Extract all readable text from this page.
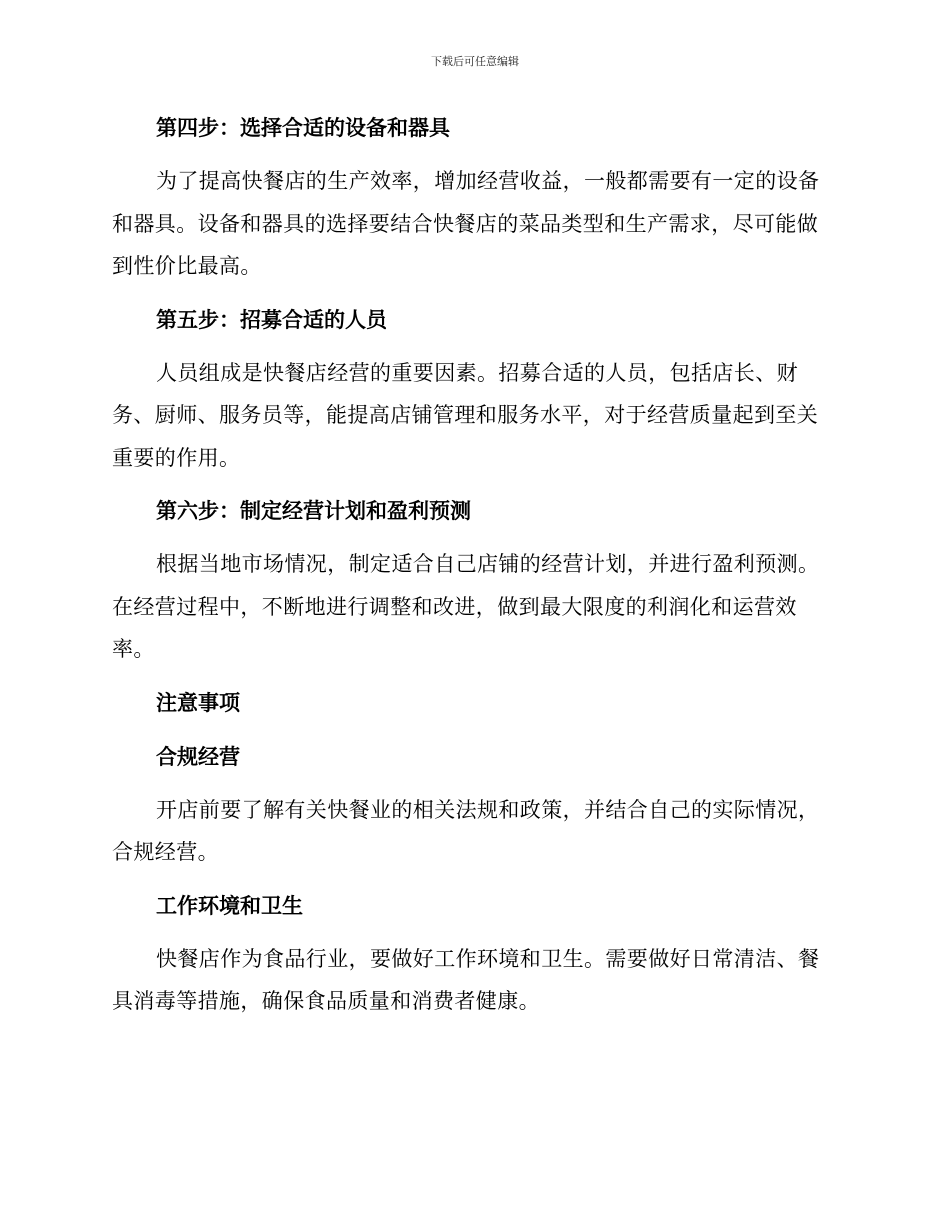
下载后可任意编辑
第四步：选择合适的设备和器具

为了提高快餐店的生产效率，增加经营收益，一般都需要有一定的设备和器具。设备和器具的选择要结合快餐店的菜品类型和生产需求，尽可能做到性价比最高。

第五步：招募合适的人员

人员组成是快餐店经营的重要因素。招募合适的人员，包括店长、财务、厨师、服务员等，能提高店铺管理和服务水平，对于经营质量起到至关重要的作用。

第六步：制定经营计划和盈利预测

根据当地市场情况，制定适合自己店铺的经营计划，并进行盈利预测。在经营过程中，不断地进行调整和改进，做到最大限度的利润化和运营效率。

注意事项
合规经营

开店前要了解有关快餐业的相关法规和政策，并结合自己的实际情况，合规经营。

工作环境和卫生

快餐店作为食品行业，要做好工作环境和卫生。需要做好日常清洁、餐具消毒等措施，确保食品质量和消费者健康。
